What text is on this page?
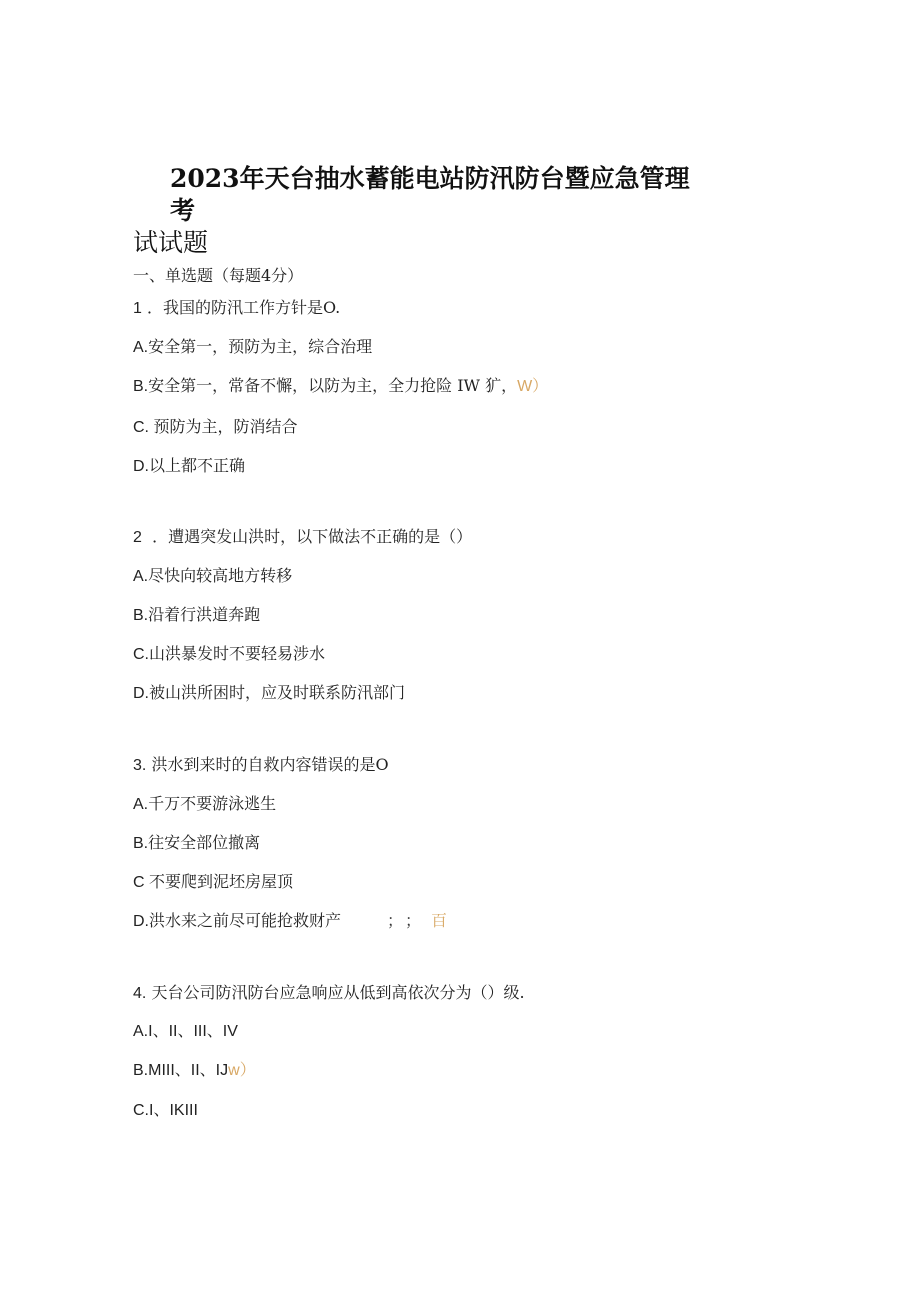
2023年天台抽水蓄能电站防汛防台暨应急管理考
试试题
一、单选题（每题4分）
1 ．我国的防汛工作方针是O.
A.安全第一，预防为主，综合治理
B.安全第一，常备不懈，以防为主，全力抢险 IW 犷，W）
C. 预防为主，防消结合
D.以上都不正确
2 ．遭遇突发山洪时，以下做法不正确的是（）
A.尽快向较高地方转移
B.沿着行洪道奔跑
C.山洪暴发时不要轻易涉水
D.被山洪所困时，应及时联系防汛部门
3. 洪水到来时的自救内容错误的是O
A.千万不要游泳逃生
B.往安全部位撤离
C 不要爬到泥坯房屋顶
D.洪水来之前尽可能抢救财产	； ； 百
4. 天台公司防汛防台应急响应从低到高依次分为（）级.
A.I、II、III、IV
B.MIII、II、IJw）
C.I、IKIII
